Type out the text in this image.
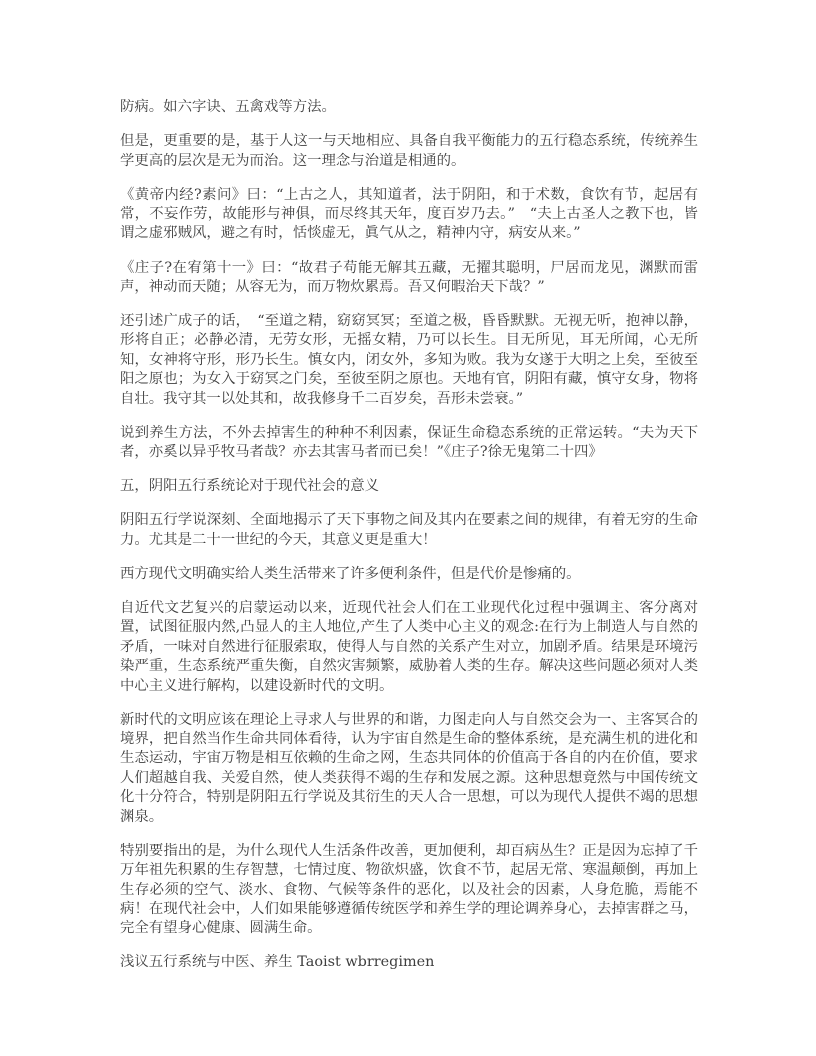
防病。如六字诀、五禽戏等方法。

但是，更重要的是，基于人这一与天地相应、具备自我平衡能力的五行稳态系统，传统养生学更高的层次是无为而治。这一理念与治道是相通的。

《黄帝内经?素问》曰：“上古之人，其知道者，法于阴阳，和于术数，食饮有节，起居有常，不妄作劳，故能形与神俱，而尽终其天年，度百岁乃去。”　“夫上古圣人之教下也，皆谓之虚邪贼风，避之有时，恬惔虚无，眞气从之，精神内守，病安从来。”

《庄子?在宥第十一》曰：“故君子苟能无解其五藏，无擢其聪明，尸居而龙见，渊默而雷声，神动而天随；从容无为，而万物炊累焉。吾又何暇治天下哉？”

还引述广成子的话，　“至道之精，窈窈冥冥；至道之极，昏昏默默。无视无听，抱神以静，形将自正；必静必清，无劳女形，无摇女精，乃可以长生。目无所见，耳无所闻，心无所知，女神将守形，形乃长生。慎女内，闭女外，多知为败。我为女遂于大明之上矣，至彼至阳之原也；为女入于窈冥之门矣，至彼至阴之原也。天地有官，阴阳有藏，慎守女身，物将自壮。我守其一以处其和，故我修身千二百岁矣，吾形未尝衰。”

说到养生方法，不外去掉害生的种种不利因素，保证生命稳态系统的正常运转。“夫为天下者，亦奚以异乎牧马者哉？亦去其害马者而已矣！”《庄子?徐无鬼第二十四》

五，阴阳五行系统论对于现代社会的意义

阴阳五行学说深刻、全面地揭示了天下事物之间及其内在要素之间的规律，有着无穷的生命力。尤其是二十一世纪的今天，其意义更是重大！

西方现代文明确实给人类生活带来了许多便利条件，但是代价是惨痛的。

自近代文艺复兴的启蒙运动以来，近现代社会人们在工业现代化过程中强调主、客分离对置，试图征服内然,凸显人的主人地位,产生了人类中心主义的观念:在行为上制造人与自然的矛盾，一味对自然进行征服索取，使得人与自然的关系产生对立，加剧矛盾。结果是环境污染严重，生态系统严重失衡，自然灾害频繁，威胁着人类的生存。解决这些问题必须对人类中心主义进行解构，以建设新时代的文明。

新时代的文明应该在理论上寻求人与世界的和谐，力图走向人与自然交会为一、主客冥合的境界，把自然当作生命共同体看待，认为宇宙自然是生命的整体系统，是充满生机的进化和生态运动，宇宙万物是相互依赖的生命之网，生态共同体的价值高于各自的内在价值，要求人们超越自我、关爱自然，使人类获得不竭的生存和发展之源。这种思想竟然与中国传统文化十分符合，特别是阴阳五行学说及其衍生的天人合一思想，可以为现代人提供不竭的思想渊泉。

特别要指出的是，为什么现代人生活条件改善，更加便利，却百病丛生？正是因为忘掉了千万年祖先积累的生存智慧，七情过度、物欲炽盛，饮食不节，起居无常、寒温颠倒，再加上生存必须的空气、淡水、食物、气候等条件的恶化，以及社会的因素，人身危脆，焉能不病！在现代社会中，人们如果能够遵循传统医学和养生学的理论调养身心，去掉害群之马，完全有望身心健康、圆满生命。

浅议五行系统与中医、养生 Taoist wbrregimen
